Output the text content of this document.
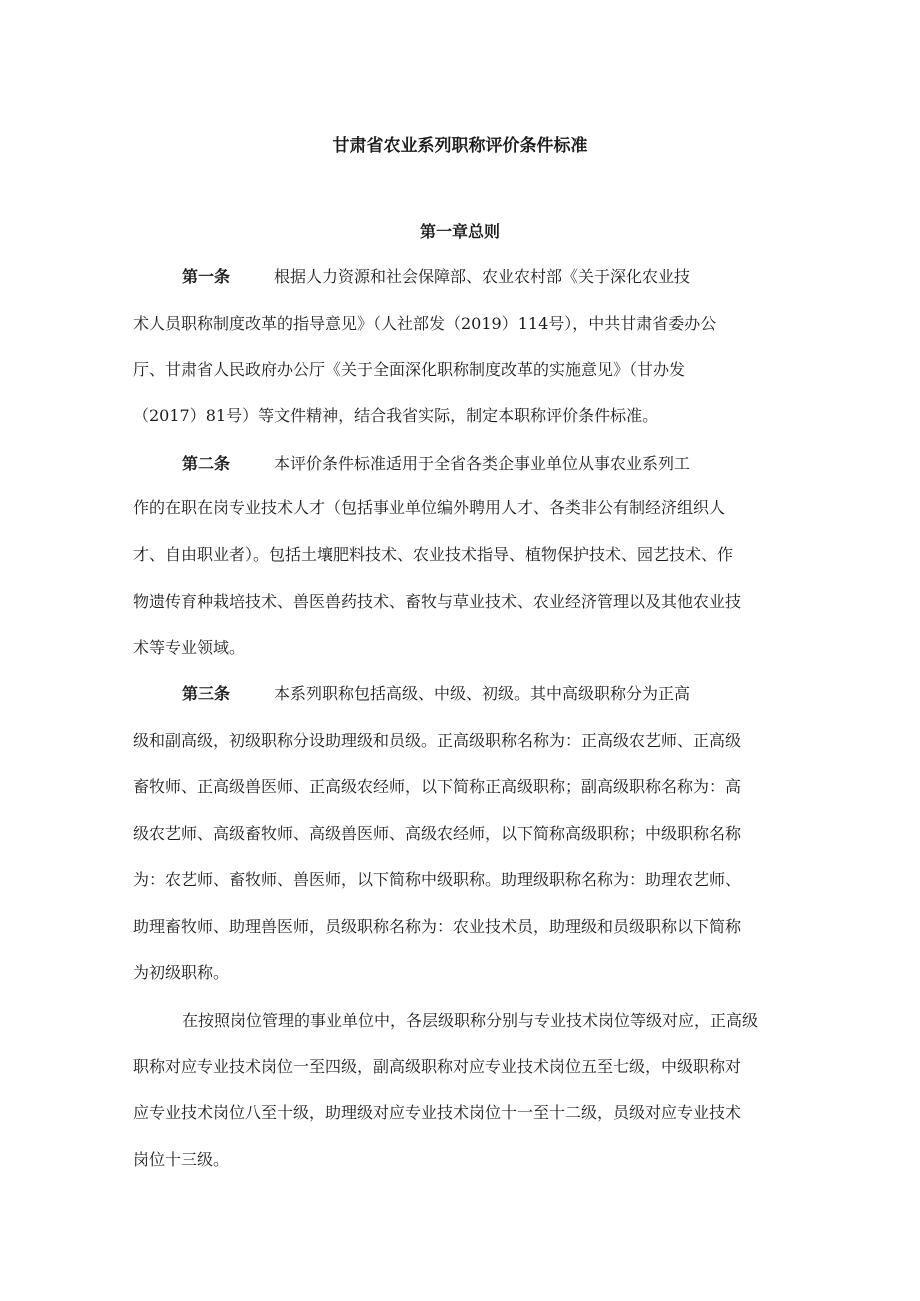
甘肃省农业系列职称评价条件标准
第一章总则

第一条	根据人力资源和社会保障部、农业农村部《关于深化农业技

术人员职称制度改革的指导意见》（人社部发（2019）114号），中共甘肃省委办公

厅、甘肃省人民政府办公厅《关于全面深化职称制度改革的实施意见》（甘办发

（2017）81号）等文件精神，结合我省实际，制定本职称评价条件标准。

第二条	本评价条件标准适用于全省各类企事业单位从事农业系列工

作的在职在岗专业技术人才（包括事业单位编外聘用人才、各类非公有制经济组织人

才、自由职业者）。包括土壤肥料技术、农业技术指导、植物保护技术、园艺技术、作

物遗传育种栽培技术、兽医兽药技术、畜牧与草业技术、农业经济管理以及其他农业技

术等专业领域。

第三条	本系列职称包括高级、中级、初级。其中高级职称分为正高

级和副高级，初级职称分设助理级和员级。正高级职称名称为：正高级农艺师、正高级

畜牧师、正高级兽医师、正高级农经师，以下简称正高级职称；副高级职称名称为：高

级农艺师、高级畜牧师、高级兽医师、高级农经师，以下简称高级职称；中级职称名称

为：农艺师、畜牧师、兽医师，以下简称中级职称。助理级职称名称为：助理农艺师、

助理畜牧师、助理兽医师，员级职称名称为：农业技术员，助理级和员级职称以下简称

为初级职称。

在按照岗位管理的事业单位中，各层级职称分别与专业技术岗位等级对应，正高级

职称对应专业技术岗位一至四级，副高级职称对应专业技术岗位五至七级，中级职称对

应专业技术岗位八至十级，助理级对应专业技术岗位十一至十二级，员级对应专业技术

岗位十三级。
